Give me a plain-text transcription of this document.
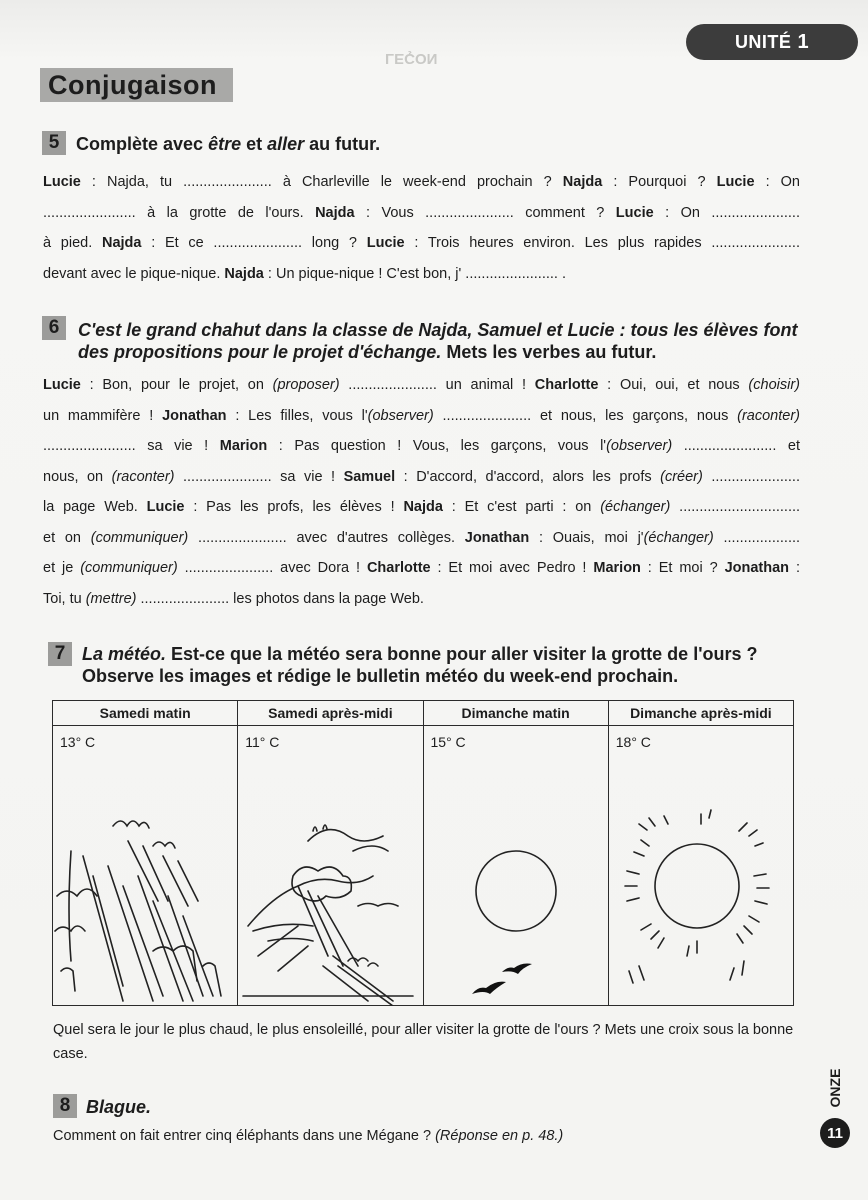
LEÇON
UNITÉ 1
Conjugaison
5 Complète avec être et aller au futur.
Lucie : Najda, tu ...................... à Charleville le week-end prochain ? Najda : Pourquoi ? Lucie : On
....................... à la grotte de l'ours. Najda : Vous ...................... comment ? Lucie : On ......................
à pied. Najda : Et ce ...................... long ? Lucie : Trois heures environ. Les plus rapides ......................
devant avec le pique-nique. Najda : Un pique-nique ! C'est bon, j' ....................... .
6	C'est le grand chahut dans la classe de Najda, Samuel et Lucie : tous les élèves font des propositions pour le projet d'échange. Mets les verbes au futur.
Lucie : Bon, pour le projet, on (proposer) ...................... un animal ! Charlotte : Oui, oui, et nous (choisir)
un mammifère ! Jonathan : Les filles, vous l'(observer) ...................... et nous, les garçons, nous (raconter)
....................... sa vie ! Marion : Pas question ! Vous, les garçons, vous l'(observer) ....................... et
nous, on (raconter) ...................... sa vie ! Samuel : D'accord, d'accord, alors les profs (créer) ......................
la page Web. Lucie : Pas les profs, les élèves ! Najda : Et c'est parti : on (échanger) ..............................
et on (communiquer) ...................... avec d'autres collèges. Jonathan : Ouais, moi j'(échanger) ...................
et je (communiquer) ...................... avec Dora ! Charlotte : Et moi avec Pedro ! Marion : Et moi ? Jonathan :
Toi, tu (mettre) ...................... les photos dans la page Web.
7 La météo. Est-ce que la météo sera bonne pour aller visiter la grotte de l'ours ?
Observe les images et rédige le bulletin météo du week-end prochain.
Samedi matin	Samedi après-midi	Dimanche matin	Dimanche après-midi

13° C	11° C	15° C	18° C
Quel sera le jour le plus chaud, le plus ensoleillé, pour aller visiter la grotte de l'ours ? Mets une croix sous la bonne case.
8 Blague.
Comment on fait entrer cinq éléphants dans une Mégane ? (Réponse en p. 48.)
ONZE
11
